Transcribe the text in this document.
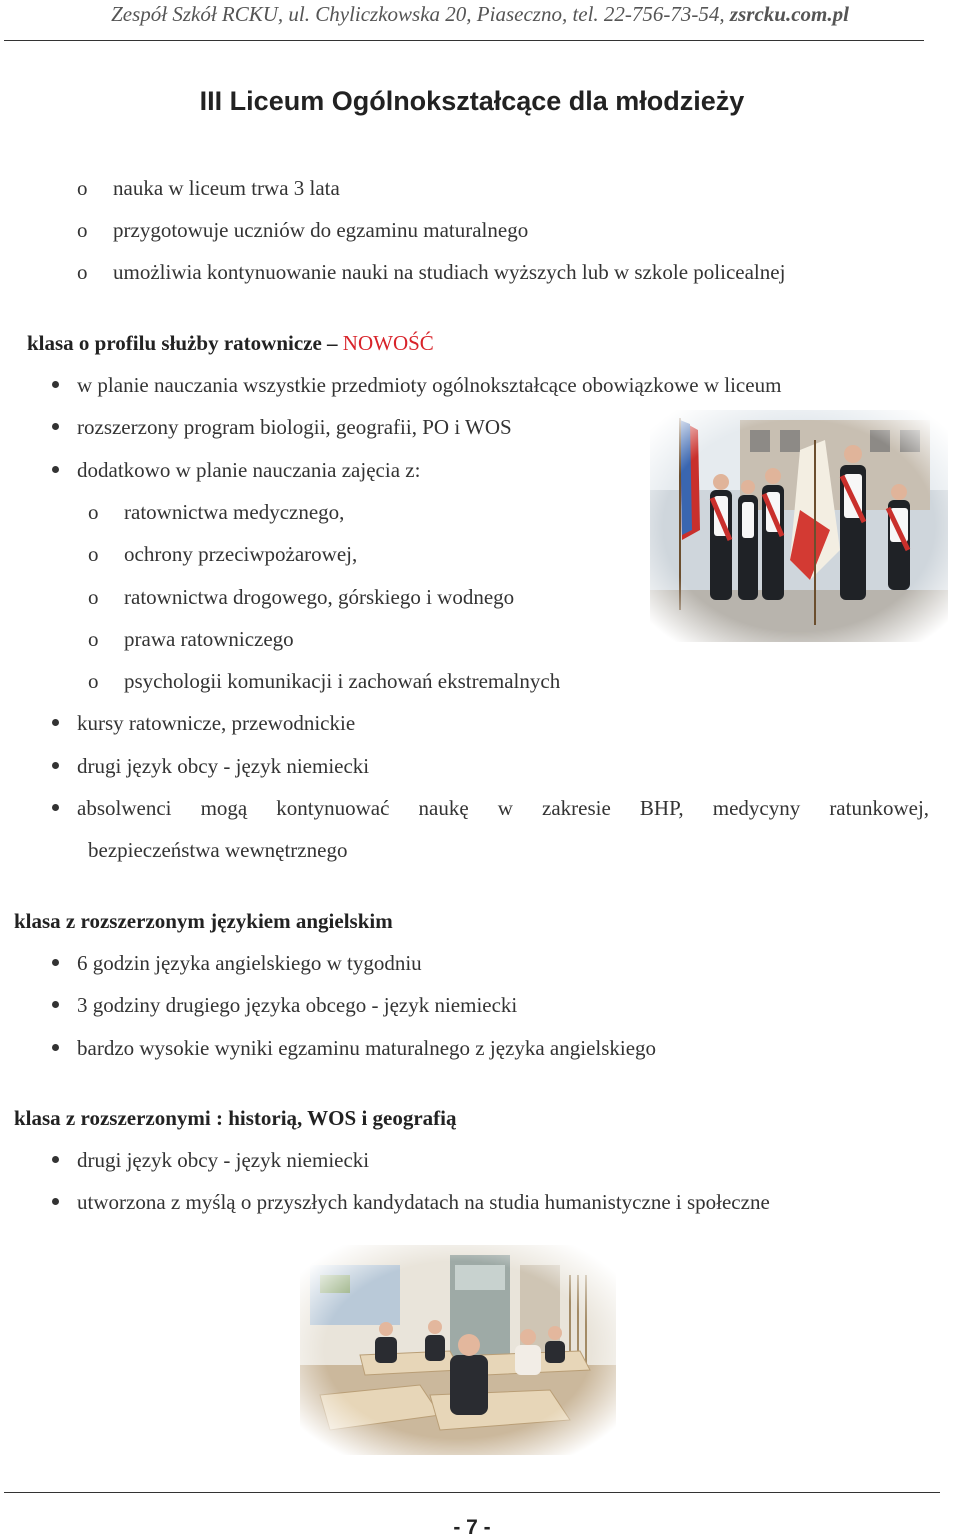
Zespół Szkół RCKU, ul. Chyliczkowska 20, Piaseczno, tel. 22-756-73-54, zsrcku.com.pl
III Liceum Ogólnokształcące dla młodzieży
o nauka w liceum trwa 3 lata
o przygotowuje uczniów do egzaminu maturalnego
o umożliwia kontynuowanie nauki na studiach wyższych lub w szkole policealnej
klasa o profilu służby ratownicze – NOWOŚĆ
w planie nauczania wszystkie przedmioty ogólnokształcące obowiązkowe w liceum
rozszerzony program biologii, geografii, PO i WOS
dodatkowo w planie nauczania zajęcia z:
o ratownictwa medycznego,
o ochrony przeciwpożarowej,
o ratownictwa drogowego, górskiego i wodnego
o prawa ratowniczego
o psychologii komunikacji i zachowań ekstremalnych
kursy ratownicze, przewodnickie
drugi język obcy - język niemiecki
absolwenci mogą kontynuować naukę w zakresie BHP, medycyny ratunkowej,
bezpieczeństwa wewnętrznego
klasa z rozszerzonym językiem angielskim
6 godzin języka angielskiego w tygodniu
3 godziny drugiego języka obcego - język niemiecki
bardzo wysokie wyniki egzaminu maturalnego z języka angielskiego
klasa z rozszerzonymi : historią, WOS i geografią
drugi język obcy - język niemiecki
utworzona z myślą o przyszłych kandydatach na studia humanistyczne i społeczne
- 7 -
